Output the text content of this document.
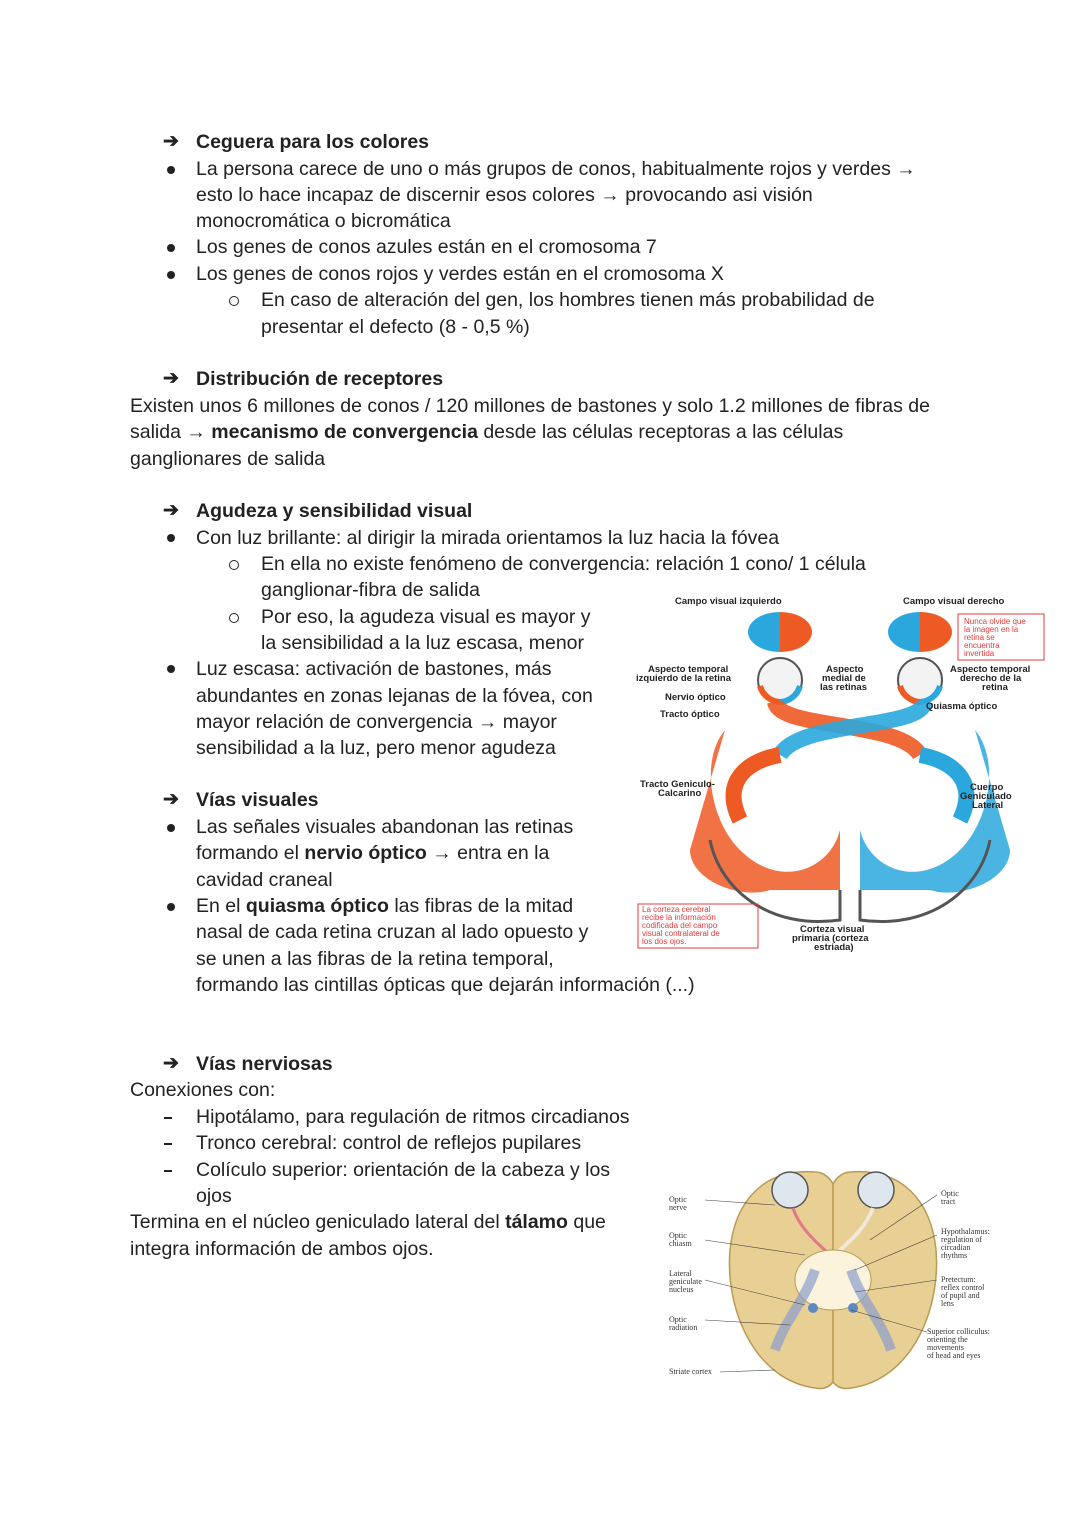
➔ Ceguera para los colores
La persona carece de uno o más grupos de conos, habitualmente rojos y verdes →
esto lo hace incapaz de discernir esos colores → provocando asi visión
monocromática o bicromática
Los genes de conos azules están en el cromosoma 7
Los genes de conos rojos y verdes están en el cromosoma X
En caso de alteración del gen, los hombres tienen más probabilidad de
presentar el defecto (8 - 0,5 %)
➔ Distribución de receptores
Existen unos 6 millones de conos / 120 millones de bastones y solo 1.2 millones de fibras de
salida → mecanismo de convergencia desde las células receptoras a las células
ganglionares de salida
➔ Agudeza y sensibilidad visual
Con luz brillante: al dirigir la mirada orientamos la luz hacia la fóvea
En ella no existe fenómeno de convergencia: relación 1 cono/ 1 célula
ganglionar-fibra de salida
Por eso, la agudeza visual es mayor y
la sensibilidad a la luz escasa, menor
Luz escasa: activación de bastones, más
abundantes en zonas lejanas de la fóvea, con
mayor relación de convergencia → mayor
sensibilidad a la luz, pero menor agudeza
➔ Vías visuales
Las señales visuales abandonan las retinas
formando el nervio óptico → entra en la
cavidad craneal
En el quiasma óptico las fibras de la mitad
nasal de cada retina cruzan al lado opuesto y
se unen a las fibras de la retina temporal,
formando las cintillas ópticas que dejarán información (...)
➔ Vías nerviosas
Conexiones con:
Hipotálamo, para regulación de ritmos circadianos
Tronco cerebral: control de reflejos pupilares
Colículo superior: orientación de la cabeza y los
ojos
Termina en el núcleo geniculado lateral del tálamo que
integra información de ambos ojos.
Campo visual izquierdo	Campo visual derecho
Nunca olvide que
la imagen en la
retina se
encuentra
invertida
Aspecto temporal
izquierdo de la retina
Aspecto
medial de
las retinas
Aspecto temporal
derecho de la
retina
Nervio óptico
Tracto óptico
Quiasma óptico
Tracto Geniculo-
Calcarino
Cuerpo
Geniculado
Lateral
La corteza cerebral
recibe la información
codificada del campo
visual contralateral de
los dos ojos.
Corteza visual
primaria (corteza
estriada)
Optic
nerve
Optic
chiasm
Lateral
geniculate
nucleus
Optic
radiation
Striate cortex
Optic
tract
Hypothalamus:
regulation of
circadian
rhythms
Pretectum:
reflex control
of pupil and
lens
Superior colliculus:
orienting the
movements
of head and eyes
